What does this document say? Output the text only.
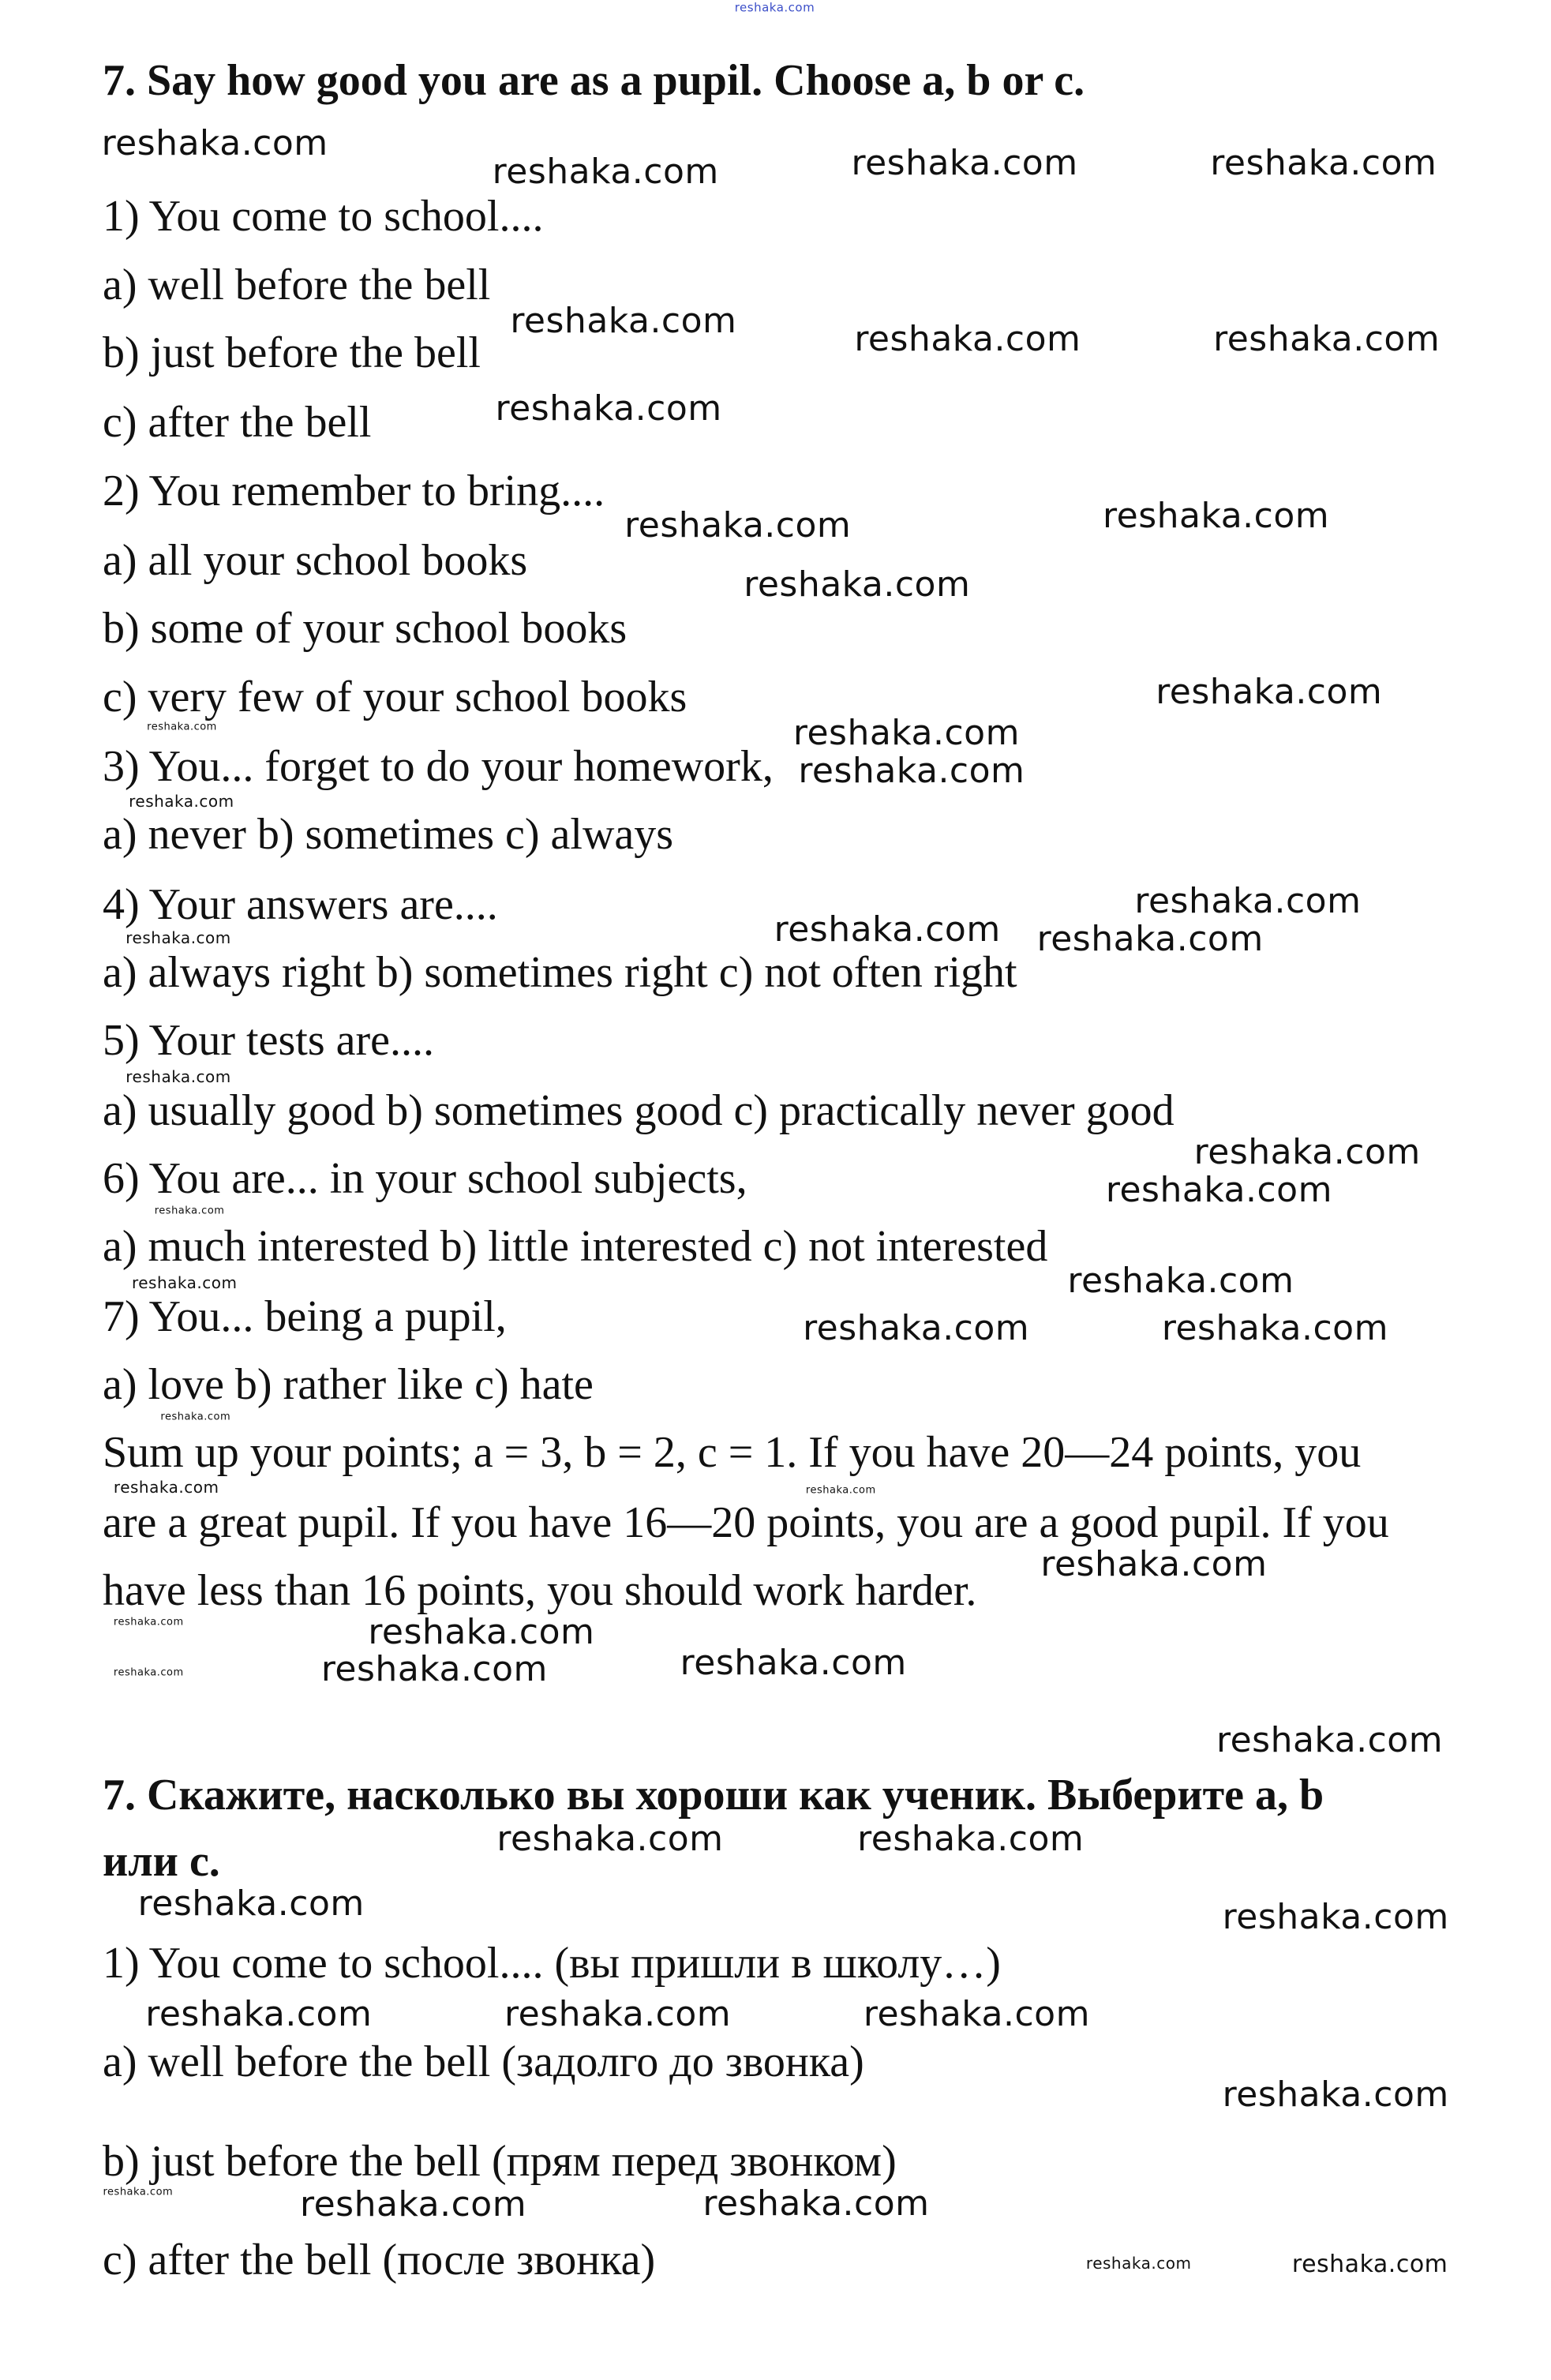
7. Say how good you are as a pupil. Choose a, b or c.
1) You come to school....
a) well before the bell
b) just before the bell
c) after the bell
2) You remember to bring....
a) all your school books
b) some of your school books
c) very few of your school books
3) You... forget to do your homework,
a) never b) sometimes c) always
4) Your answers are....
a) always right b) sometimes right c) not often right
5) Your tests are....
a) usually good b) sometimes good c) practically never good
6) You are... in your school subjects,
a) much interested b) little interested c) not interested
7) You... being a pupil,
a) love b) rather like c) hate
Sum up your points; a = 3, b = 2, c = 1. If you have 20—24 points, you
are a great pupil. If you have 16—20 points, you are a good pupil. If you
have less than 16 points, you should work harder.
7. Скажите, насколько вы хороши как ученик. Выберите a, b
или с.
1) You come to school.... (вы пришли в школу…)
a) well before the bell (задолго до звонка)
b) just before the bell (прям перед звонком)
c) after the bell (после звонка)
reshaka.com
reshaka.com
reshaka.com	reshaka.com	reshaka.com
reshaka.com	reshaka.com	reshaka.com
reshaka.com
reshaka.com	reshaka.com
reshaka.com
reshaka.com
reshaka.com
reshaka.com
reshaka.com
reshaka.com
reshaka.com
reshaka.com
reshaka.com
reshaka.com
reshaka.com	reshaka.com
reshaka.com
reshaka.com
reshaka.com	reshaka.com
reshaka.com
reshaka.com
reshaka.com	reshaka.com
reshaka.com
reshaka.com	reshaka.com	reshaka.com
reshaka.com
reshaka.com	reshaka.com
reshaka.com
reshaka.com
reshaka.com
reshaka.com
reshaka.com
reshaka.com
reshaka.com
reshaka.com
reshaka.com	reshaka.com
reshaka.com
reshaka.com
reshaka.com
reshaka.com
